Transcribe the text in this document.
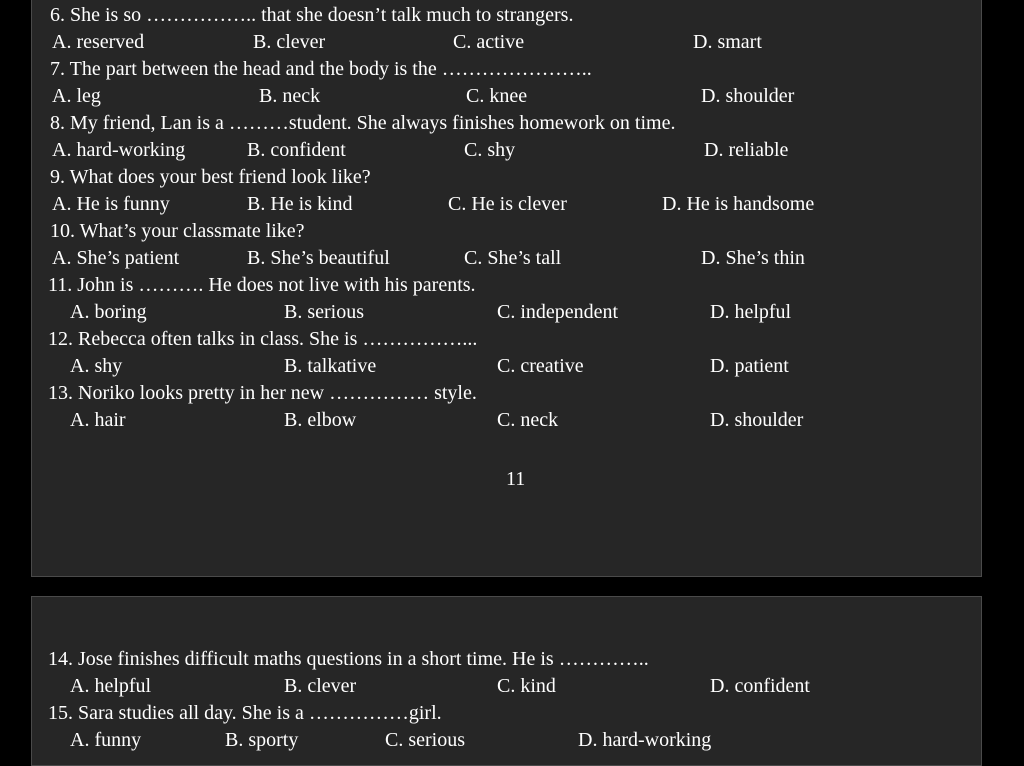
6. She is so …………….. that she doesn’t talk much to strangers.
A. reserved	B. clever	C. active	D. smart
7. The part between the head and the body is the …………………..
A. leg	B. neck	C. knee	D. shoulder
8. My friend, Lan is a ………student. She always finishes homework on time.
A. hard-working	B. confident	C. shy	D. reliable
9. What does your best friend look like?
A. He is funny	B. He is kind	C. He is clever	D. He is handsome
10. What’s your classmate like?
A. She’s patient	B. She’s beautiful	C. She’s tall	D. She’s thin
11. John is ………. He does not live with his parents.
A. boring	B. serious	C. independent	D. helpful
12. Rebecca often talks in class. She is ……………...
A. shy	B. talkative	C. creative	D. patient
13. Noriko looks pretty in her new …………… style.
A. hair	B. elbow	C. neck	D. shoulder
11
14. Jose finishes difficult maths questions in a short time. He is …………..
A. helpful	B. clever	C. kind	D. confident
15. Sara studies all day. She is a ……………girl.
A. funny	B. sporty	C. serious	D. hard-working
